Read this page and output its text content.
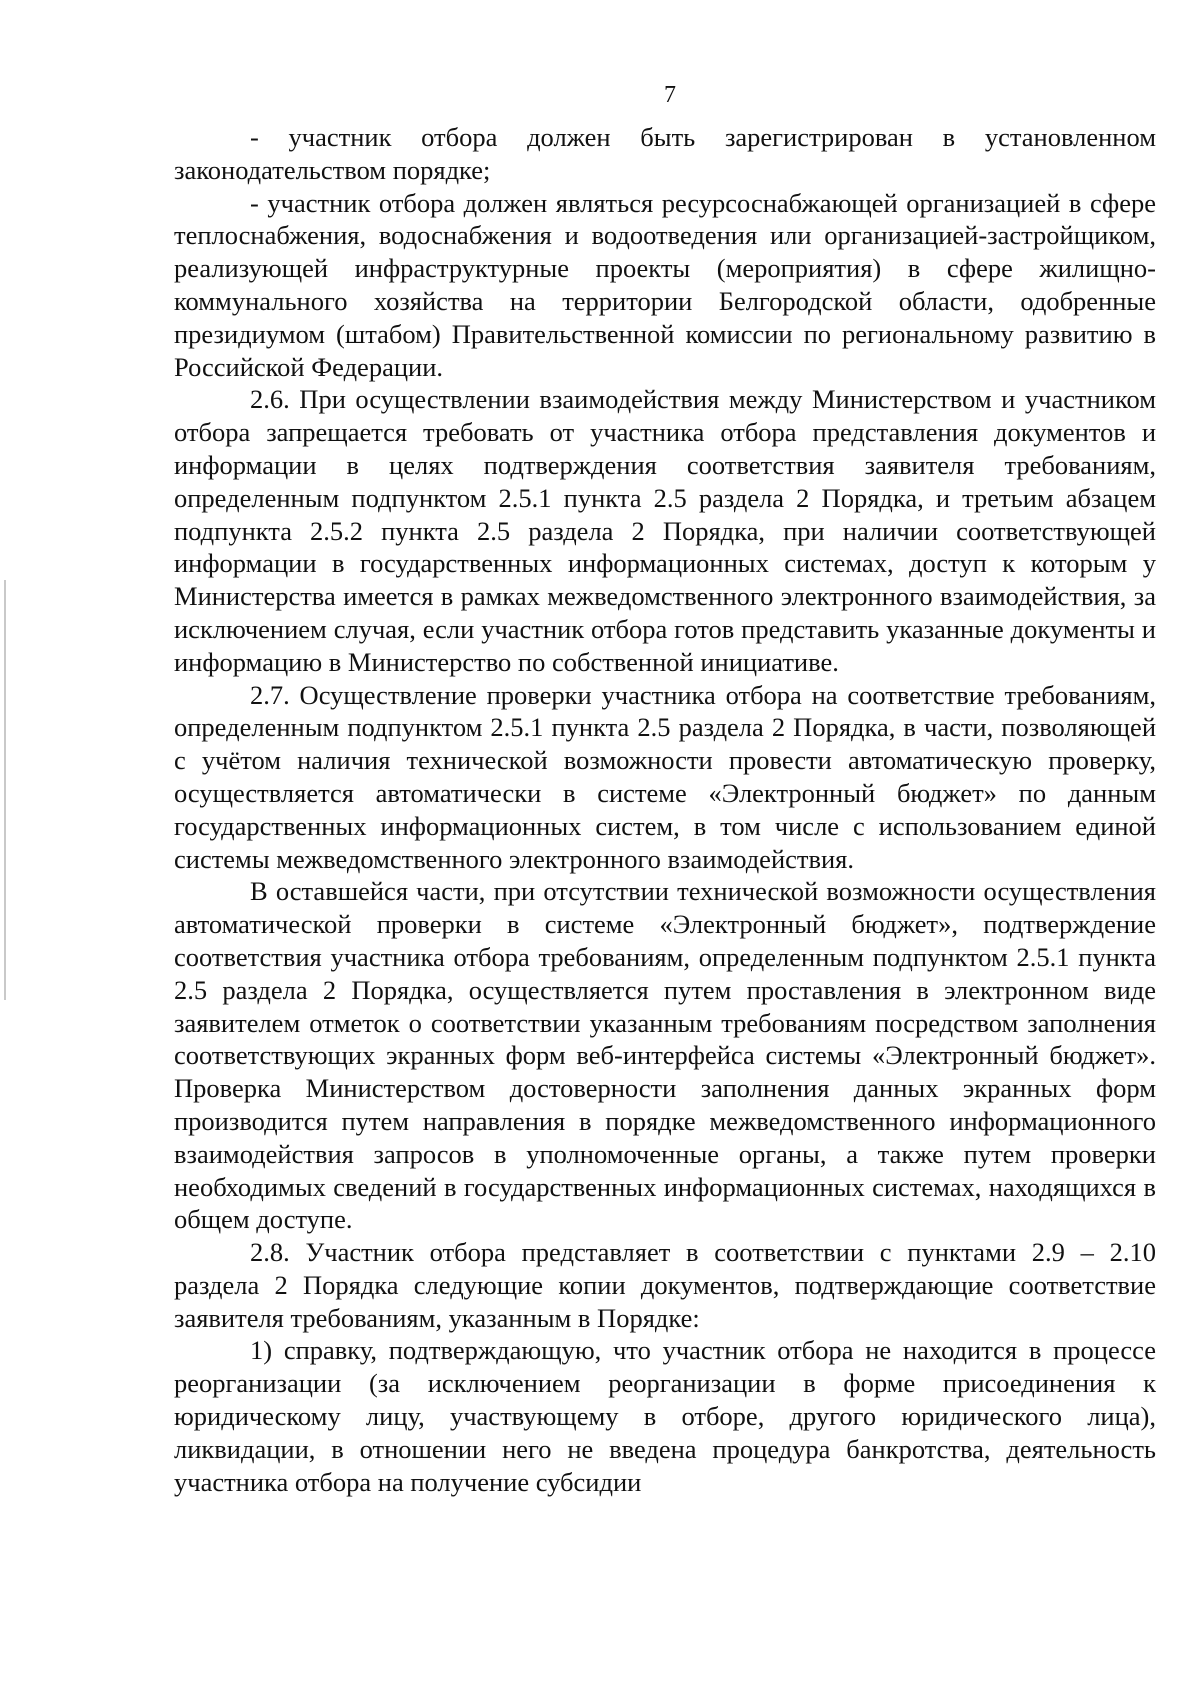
7

- участник отбора должен быть зарегистрирован в установленном законодательством порядке;

- участник отбора должен являться ресурсоснабжающей организацией в сфере теплоснабжения, водоснабжения и водоотведения или организацией-застройщиком, реализующей инфраструктурные проекты (мероприятия) в сфере жилищно-коммунального хозяйства на территории Белгородской области, одобренные президиумом (штабом) Правительственной комиссии по региональному развитию в Российской Федерации.

2.6. При осуществлении взаимодействия между Министерством и участником отбора запрещается требовать от участника отбора представления документов и информации в целях подтверждения соответствия заявителя требованиям, определенным подпунктом 2.5.1 пункта 2.5 раздела 2 Порядка, и третьим абзацем подпункта 2.5.2 пункта 2.5 раздела 2 Порядка, при наличии соответствующей информации в государственных информационных системах, доступ к которым у Министерства имеется в рамках межведомственного электронного взаимодействия, за исключением случая, если участник отбора готов представить указанные документы и информацию в Министерство по собственной инициативе.

2.7. Осуществление проверки участника отбора на соответствие требованиям, определенным подпунктом 2.5.1 пункта 2.5 раздела 2 Порядка, в части, позволяющей с учётом наличия технической возможности провести автоматическую проверку, осуществляется автоматически в системе «Электронный бюджет» по данным государственных информационных систем, в том числе с использованием единой системы межведомственного электронного взаимодействия.

В оставшейся части, при отсутствии технической возможности осуществления автоматической проверки в системе «Электронный бюджет», подтверждение соответствия участника отбора требованиям, определенным подпунктом 2.5.1 пункта 2.5 раздела 2 Порядка, осуществляется путем проставления в электронном виде заявителем отметок о соответствии указанным требованиям посредством заполнения соответствующих экранных форм веб-интерфейса системы «Электронный бюджет». Проверка Министерством достоверности заполнения данных экранных форм производится путем направления в порядке межведомственного информационного взаимодействия запросов в уполномоченные органы, а также путем проверки необходимых сведений в государственных информационных системах, находящихся в общем доступе.

2.8. Участник отбора представляет в соответствии с пунктами 2.9 – 2.10 раздела 2 Порядка следующие копии документов, подтверждающие соответствие заявителя требованиям, указанным в Порядке:

1) справку, подтверждающую, что участник отбора не находится в процессе реорганизации (за исключением реорганизации в форме присоединения к юридическому лицу, участвующему в отборе, другого юридического лица), ликвидации, в отношении него не введена процедура банкротства, деятельность участника отбора на получение субсидии
